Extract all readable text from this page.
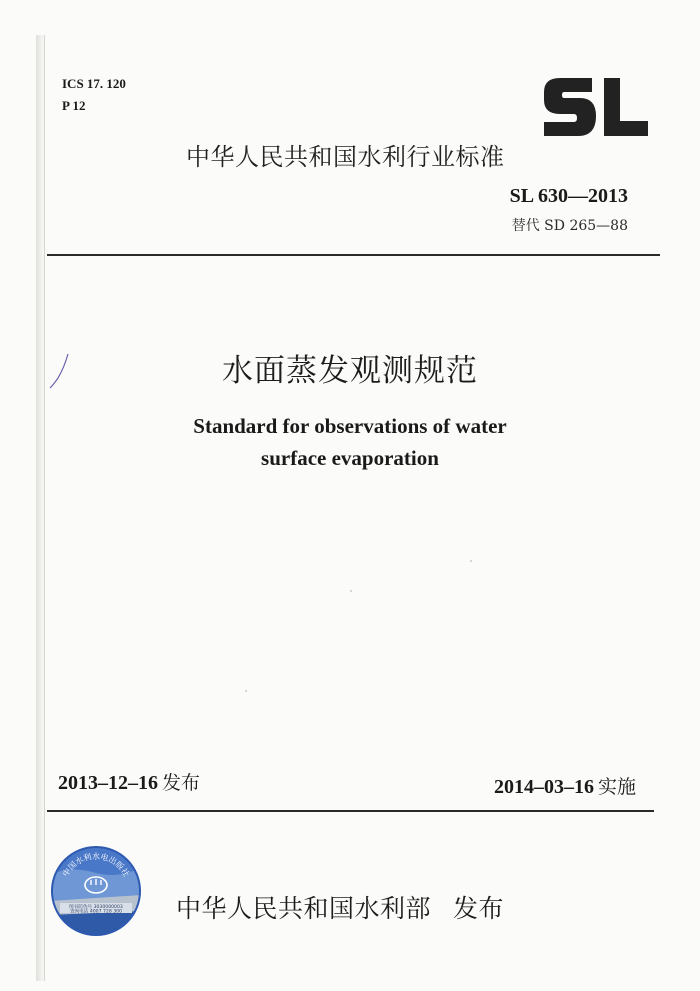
ICS 17. 120
P 12
SL
中华人民共和国水利行业标准
SL 630—2013
替代 SD 265—88
水面蒸发观测规范
Standard for observations of water
surface evaporation
2013–12–16 发布	2014–03–16 实施
中国水利水电出版社
图书防伪号 3030000003
查询电话 4007 728 300 中华人民共和国水利部 发布
